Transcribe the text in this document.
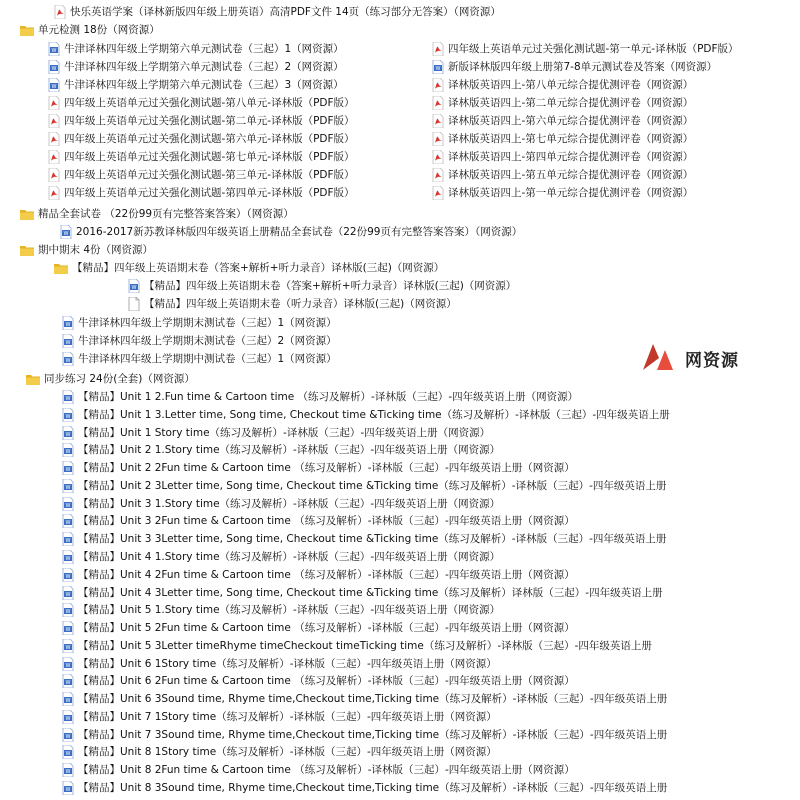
快乐英语学案（译林新版四年级上册英语）高清PDF文件 14页（练习部分无答案）（网资源）
单元检测 18份（网资源）
W 牛津译林四年级上学期第六单元测试卷（三起）1（网资源）
W 牛津译林四年级上学期第六单元测试卷（三起）2（网资源）
W 牛津译林四年级上学期第六单元测试卷（三起）3（网资源）
四年级上英语单元过关强化测试题-第八单元-译林版（PDF版）
四年级上英语单元过关强化测试题-第二单元-译林版（PDF版）
四年级上英语单元过关强化测试题-第六单元-译林版（PDF版）
四年级上英语单元过关强化测试题-第七单元-译林版（PDF版）
四年级上英语单元过关强化测试题-第三单元-译林版（PDF版）
四年级上英语单元过关强化测试题-第四单元-译林版（PDF版）
四年级上英语单元过关强化测试题-第一单元-译林版（PDF版）
W 新版译林版四年级上册第7-8单元测试卷及答案（网资源）
译林版英语四上-第八单元综合提优测评卷（网资源）
译林版英语四上-第二单元综合提优测评卷（网资源）
译林版英语四上-第六单元综合提优测评卷（网资源）
译林版英语四上-第七单元综合提优测评卷（网资源）
译林版英语四上-第四单元综合提优测评卷（网资源）
译林版英语四上-第五单元综合提优测评卷（网资源）
译林版英语四上-第一单元综合提优测评卷（网资源）
精品全套试卷 （22份99页有完整答案答案）（网资源）
W 2016-2017新苏教译林版四年级英语上册精品全套试卷（22份99页有完整答案答案）（网资源）
期中期末 4份（网资源）
【精品】四年级上英语期末卷（答案+解析+听力录音）译林版(三起)（网资源）
W 【精品】四年级上英语期末卷（答案+解析+听力录音）译林版(三起)（网资源）
【精品】四年级上英语期末卷（听力录音）译林版(三起)（网资源）
W 牛津译林四年级上学期期末测试卷（三起）1（网资源）
W 牛津译林四年级上学期期末测试卷（三起）2（网资源）
W 牛津译林四年级上学期期中测试卷（三起）1（网资源）
同步练习 24份(全套)（网资源）
W 【精品】Unit 1 2.Fun time & Cartoon time （练习及解析）-译林版（三起）-四年级英语上册（网资源）
W 【精品】Unit 1 3.Letter time, Song time, Checkout time &Ticking time（练习及解析）-译林版（三起）-四年级英语上册
W 【精品】Unit 1 Story time（练习及解析）-译林版（三起）-四年级英语上册（网资源）
W 【精品】Unit 2 1.Story time（练习及解析）-译林版（三起）-四年级英语上册（网资源）
W 【精品】Unit 2 2Fun time & Cartoon time （练习及解析）-译林版（三起）-四年级英语上册（网资源）
W 【精品】Unit 2 3Letter time, Song time, Checkout time &Ticking time（练习及解析）-译林版（三起）-四年级英语上册
W 【精品】Unit 3 1.Story time（练习及解析）-译林版（三起）-四年级英语上册（网资源）
W 【精品】Unit 3 2Fun time & Cartoon time （练习及解析）-译林版（三起）-四年级英语上册（网资源）
W 【精品】Unit 3 3Letter time, Song time, Checkout time &Ticking time（练习及解析）-译林版（三起）-四年级英语上册
W 【精品】Unit 4 1.Story time（练习及解析）-译林版（三起）-四年级英语上册（网资源）
W 【精品】Unit 4 2Fun time & Cartoon time （练习及解析）-译林版（三起）-四年级英语上册（网资源）
W 【精品】Unit 4 3Letter time, Song time, Checkout time &Ticking time（练习及解析）译林版（三起）-四年级英语上册
W 【精品】Unit 5 1.Story time（练习及解析）-译林版（三起）-四年级英语上册（网资源）
W 【精品】Unit 5 2Fun time & Cartoon time （练习及解析）-译林版（三起）-四年级英语上册（网资源）
W 【精品】Unit 5 3Letter timeRhyme timeCheckout timeTicking time（练习及解析）-译林版（三起）-四年级英语上册
W 【精品】Unit 6 1Story time（练习及解析）-译林版（三起）-四年级英语上册（网资源）
W 【精品】Unit 6 2Fun time & Cartoon time （练习及解析）-译林版（三起）-四年级英语上册（网资源）
W 【精品】Unit 6 3Sound time, Rhyme time,Checkout time,Ticking time（练习及解析）-译林版（三起）-四年级英语上册
W 【精品】Unit 7 1Story time（练习及解析）-译林版（三起）-四年级英语上册（网资源）
W 【精品】Unit 7 3Sound time, Rhyme time,Checkout time,Ticking time（练习及解析）-译林版（三起）-四年级英语上册
W 【精品】Unit 8 1Story time（练习及解析）-译林版（三起）-四年级英语上册（网资源）
W 【精品】Unit 8 2Fun time & Cartoon time （练习及解析）-译林版（三起）-四年级英语上册（网资源）
W 【精品】Unit 8 3Sound time, Rhyme time,Checkout time,Ticking time（练习及解析）-译林版（三起）-四年级英语上册
网资源
